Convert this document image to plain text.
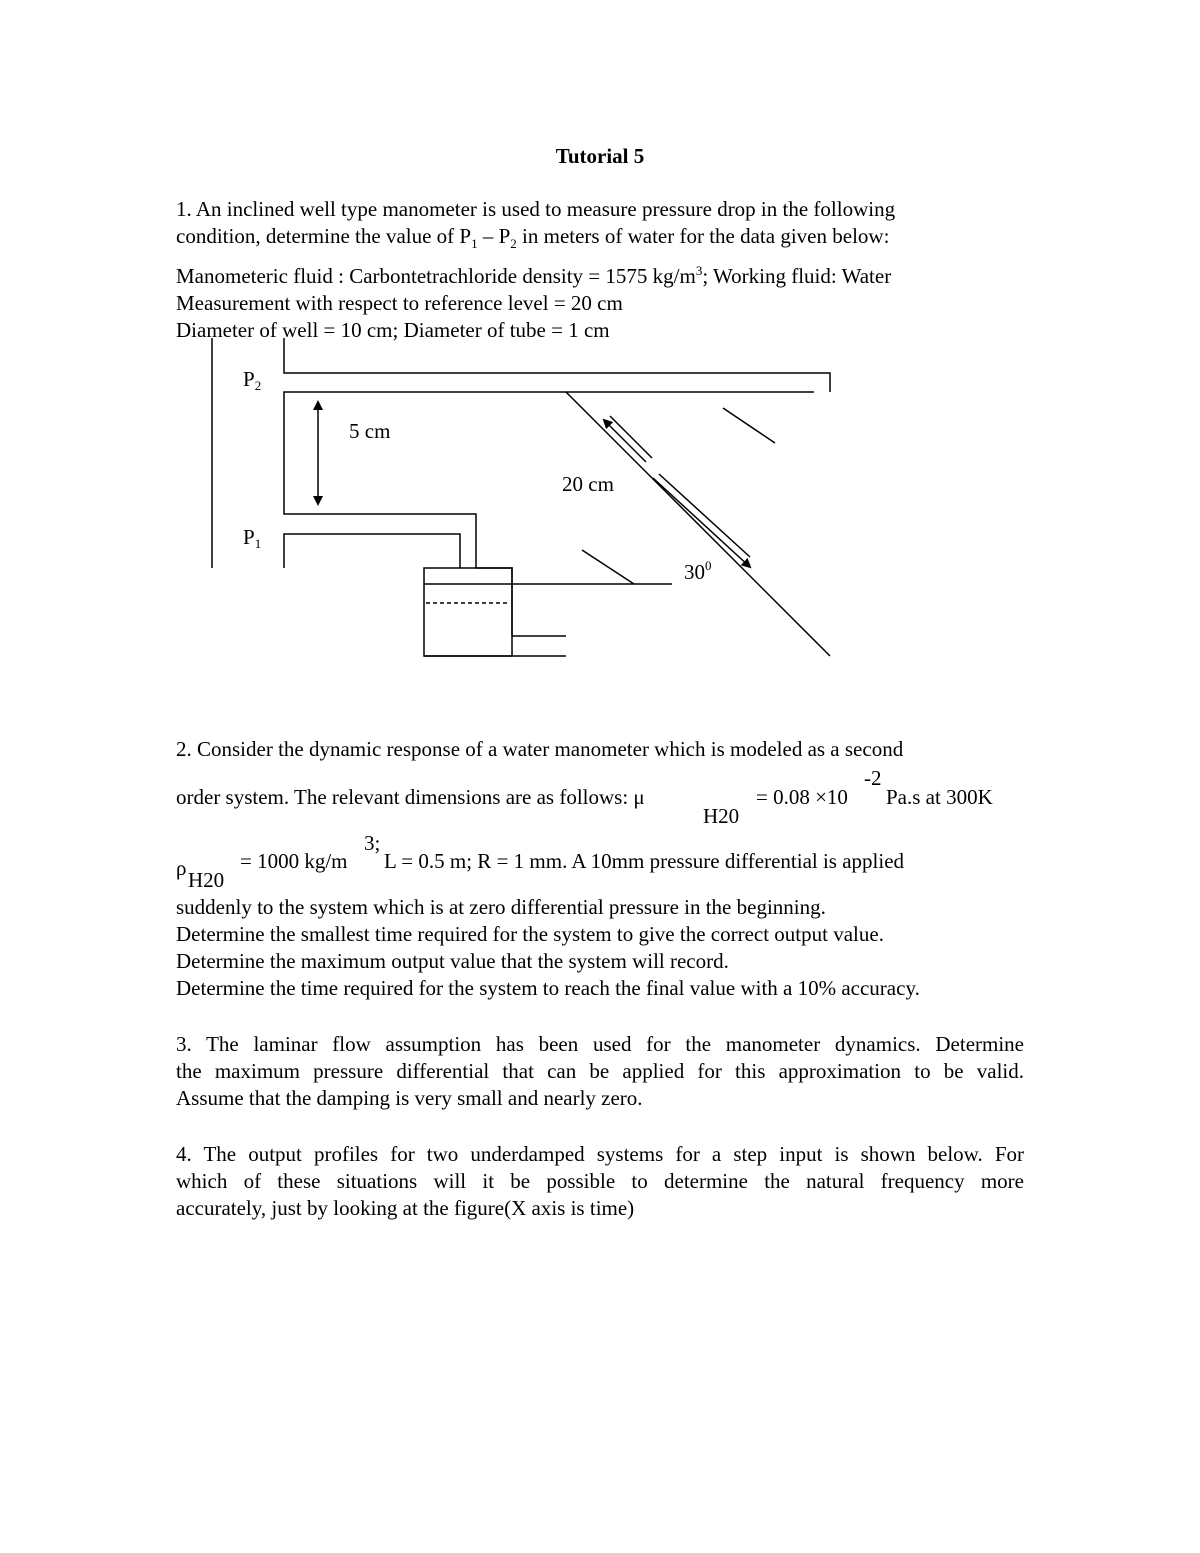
Tutorial 5
1. An inclined well type manometer is used to measure pressure drop in the following
condition, determine the value of $P_1 - P_2$ in meters of water for the data given below:
Manometeric fluid : Carbontetrachloride density = 1575 $kg/m^3$; Working fluid: Water
Measurement with respect to reference level = 20 cm
Diameter of well = 10 cm; Diameter of tube = 1 cm
P2
P1
5 cm
20 cm
$30^0$
2. Consider the dynamic response of a water manometer which is modeled as a second
-2
order system. The relevant dimensions are as follows: μ	= 0.08 ×10 Pa.s at 300K
H20
3;
ρ	= 1000 kg/m L = 0.5 m; R = 1 mm. A 10mm pressure differential is applied
H20
suddenly to the system which is at zero differential pressure in the beginning.
Determine the smallest time required for the system to give the correct output value.
Determine the maximum output value that the system will record.
Determine the time required for the system to reach the final value with a 10% accuracy.
3. The laminar flow assumption has been used for the manometer dynamics. Determine
the maximum pressure differential that can be applied for this approximation to be valid.
Assume that the damping is very small and nearly zero.
4. The output profiles for two underdamped systems for a step input is shown below. For
which of these situations will it be possible to determine the natural frequency more
accurately, just by looking at the figure(X axis is time)
